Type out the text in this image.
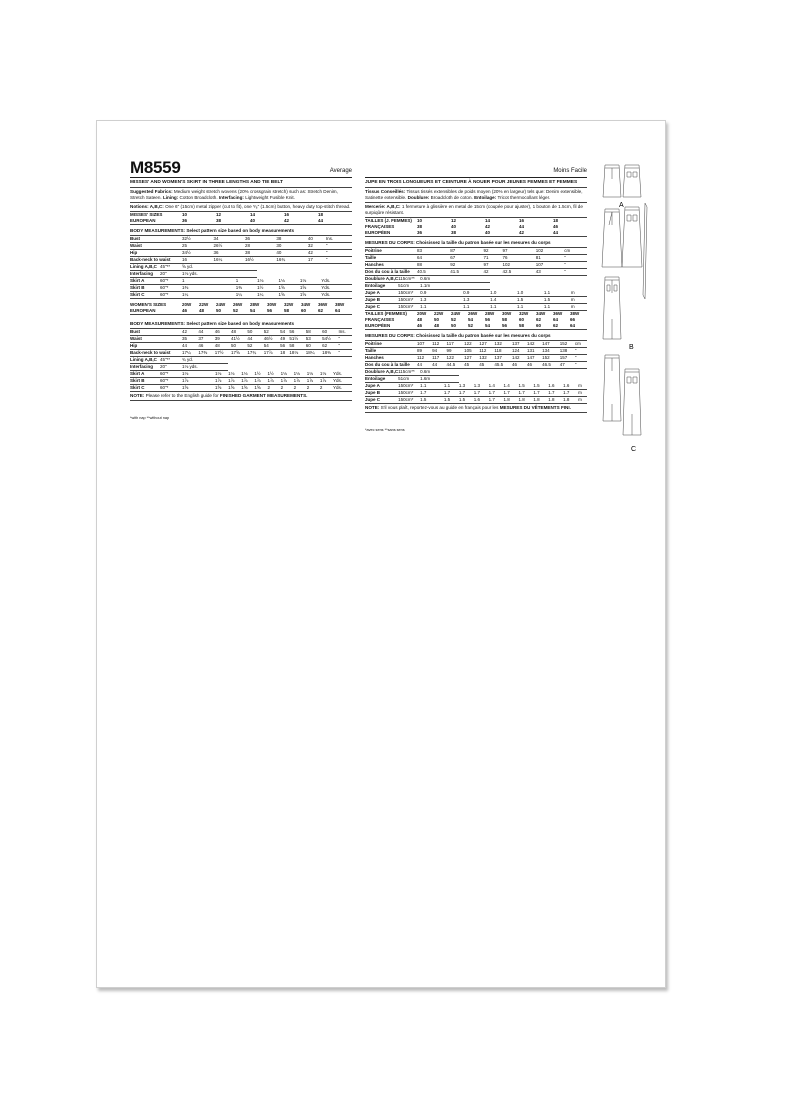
M8559	Average
MISSES' AND WOMEN'S SKIRT IN THREE LENGTHS AND TIE BELT
Suggested Fabrics: Medium weight stretch wovens (20% crossgrain stretch) such as: Stretch Denim, Stretch Sateen. Lining: Cotton Broadcloth. Interfacing: Lightweight Fusible Knit.
Notions: A,B,C: One 6" (15cm) metal zipper (cut to fit), one ⁵⁄₈" (1.5cm) button, heavy duty top-stitch thread.
MISSES' SIZES	10	12	14	16	18	
EUROPEAN	36	38	40	42	44	
BODY MEASUREMENTS: Select pattern size based on body measurements
Bust	32½	34	36	38	40	Ins.
Waist	25	26½	28	30	32	"
Hip	34½	36	38	40	42	"
Back-neck to waist	16	16¼	16½	16¾	17	"
Lining A,B,C	45"**	⅝ yd.					
Interfacing	20"	1⅛ yds.					
Skirt A	60"*	1	1	1⅛	1⅛	1⅛	Yds.
Skirt B	60"*	1⅜	1⅜	1½	1⅝	1⅝	Yds.
Skirt C	60"*	1¼	1¼	1¼	1⅝	1⅝	Yds.
WOMEN'S SIZES	20W	22W	24W	26W	28W	30W	32W	34W	36W	38W	
EUROPEAN	46	48	50	52	54	56	58	60	62	64	
BODY MEASUREMENTS: Select pattern size based on body measurements
Bust	42	44	46	48	50	52	54	56	58	60	Ins.
Waist	35	37	39	41½	44	46½	49	51½	53	54½	"
Hip	44	46	48	50	52	54	56	58	60	62	"
Back-neck to waist	17¼	17⅜	17½	17⅝	17¾	17⅞	18	18⅛	18¼	18⅜	"
Lining A,B,C	45"**	¾ yd.										
Interfacing	20"	1⅛ yds.										
Skirt A	60"*	1⅛	1⅛	1⅛	1⅛	1½	1½	1⅛	1⅛	1⅛	1⅛	Yds.
Skirt B	60"*	1⅞	1⅞	1⅞	1⅞	1⅞	1⅞	1⅞	1⅞	1⅞	1⅞	Yds.
Skirt C	60"*	1⅝	1⅝	1⅝	1⅝	1⅝	2	2	2	2	2	Yds.
NOTE: Please refer to the English guide for FINISHED GARMENT MEASUREMENTS.
*with nap **without nap
Moins Facile
JUPE EN TROIS LONGUEURS ET CEINTURE À NOUER POUR JEUNES FEMMES ET FEMMES
Tissus Conseillés: Tissus tissés extensibles de poids moyen (20% en largeur) tels que: Denim extensible, Satinette extensible. Doublure: Broadcloth de coton. Entoilage: Tricot thermocollant léger.
Mercerie: A,B,C: 1 fermeture à glissière en metal de 15cm (coupée pour ajuster), 1 bouton de 1.5cm, fil de surpiqûre résistant.
TAILLES (J. FEMMES)	10	12	14	16	18	
FRANÇAISES	38	40	42	44	46	
EUROPÉEN	36	38	40	42	44	
MESURES DU CORPS: Choisissez la taille du patron basée sur les mesures du corps
Poitrine	83	87	92	97	102	cm
Taille	64	67	71	76	81	"
Hanches	88	92	97	102	107	"
Dos du cou à la taille	40.5	41.5	42	42.5	43	"
Doublure A,B,C	115cm**	0.6m					
Entoilage	51cm	1.1m					
Jupe A	150cm*	0.9	0.9	1.0	1.0	1.1	m
Jupe B	150cm*	1.3	1.3	1.4	1.5	1.5	m
Jupe C	150cm*	1.1	1.1	1.1	1.1	1.1	m
TAILLES (FEMMES)	20W	22W	24W	26W	28W	30W	32W	34W	36W	38W	
FRANÇAISES	48	50	52	54	56	58	60	62	64	66	
EUROPÉEN	46	48	50	52	54	56	58	60	62	64	
MESURES DU CORPS: Choisissez la taille du patron basée sur les mesures du corps
Poitrine	107	112	117	122	127	132	137	142	147	152	cm
Taille	89	94	99	105	112	118	124	131	134	138	"
Hanches	112	117	122	127	132	137	142	147	152	157	"
Dos du cou à la taille	44	44	44.5	45	45	45.5	46	46	46.5	47	"
Doublure A,B,C	115cm**	0.6m										
Entoilage	51cm	1.6m										
Jupe A	150cm*	1.1	1.1	1.3	1.3	1.4	1.4	1.5	1.5	1.6	1.6	m
Jupe B	150cm*	1.7	1.7	1.7	1.7	1.7	1.7	1.7	1.7	1.7	1.7	m
Jupe C	150cm*	1.5	1.5	1.5	1.6	1.7	1.8	1.8	1.8	1.8	1.8	m
NOTE: S'il vous plaît, reportez-vous au guide en français pour les MESURES DU VÊTEMENTS FINI.
*avec sens **sans sens
A
B
C
